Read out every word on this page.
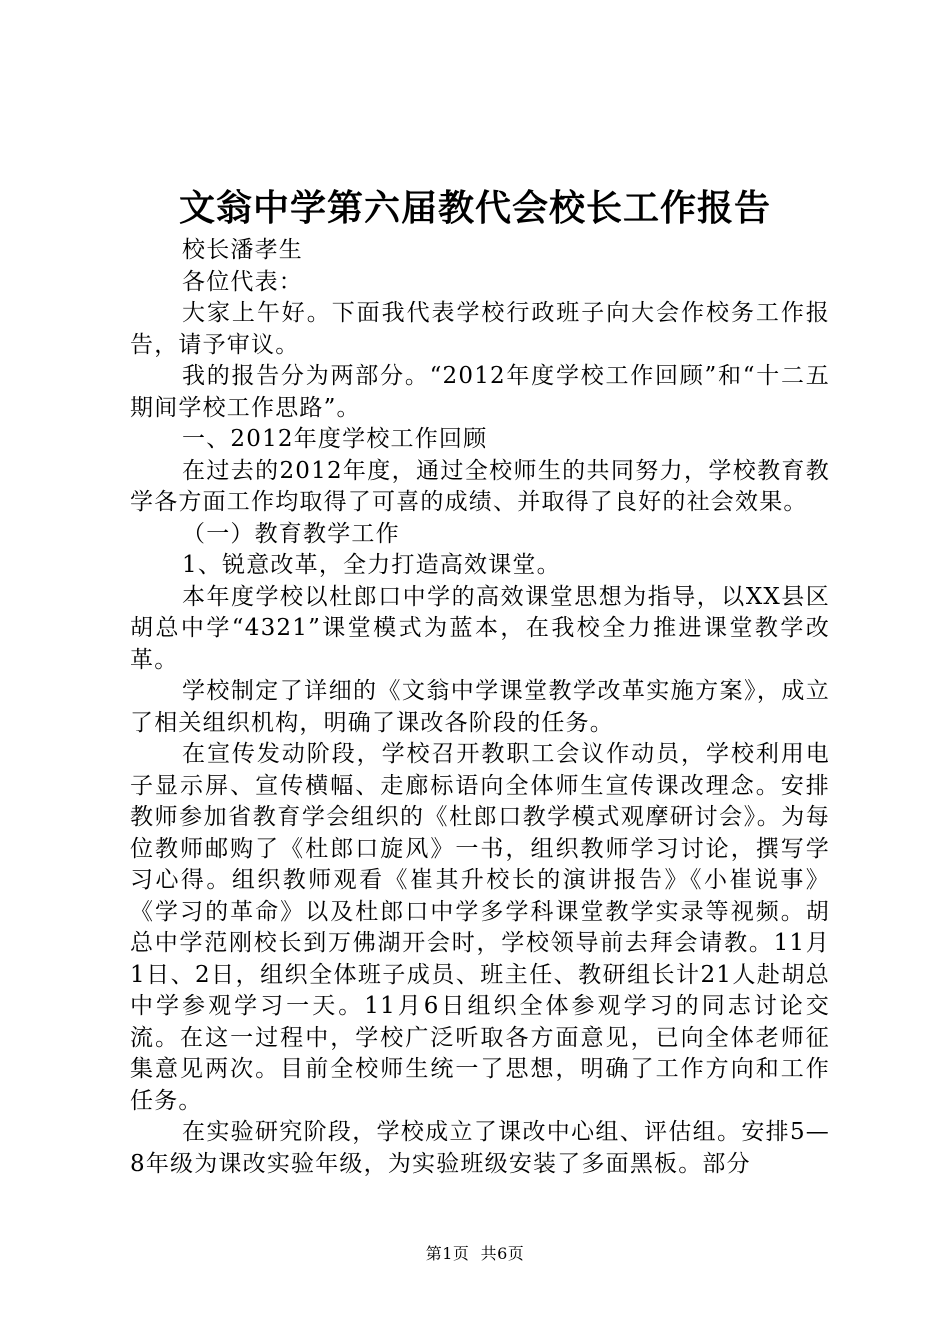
文翁中学第六届教代会校长工作报告

校长潘孝生

各位代表：

大家上午好。下面我代表学校行政班子向大会作校务工作报告，请予审议。

我的报告分为两部分。“2012年度学校工作回顾”和“十二五期间学校工作思路”。

一、2012年度学校工作回顾

在过去的2012年度，通过全校师生的共同努力，学校教育教学各方面工作均取得了可喜的成绩、并取得了良好的社会效果。

（一）教育教学工作

1、锐意改革，全力打造高效课堂。

本年度学校以杜郎口中学的高效课堂思想为指导，以XX县区胡总中学“4321”课堂模式为蓝本，在我校全力推进课堂教学改革。

学校制定了详细的《文翁中学课堂教学改革实施方案》，成立了相关组织机构，明确了课改各阶段的任务。

在宣传发动阶段，学校召开教职工会议作动员，学校利用电子显示屏、宣传横幅、走廊标语向全体师生宣传课改理念。安排教师参加省教育学会组织的《杜郎口教学模式观摩研讨会》。为每位教师邮购了《杜郎口旋风》一书，组织教师学习讨论，撰写学习心得。组织教师观看《崔其升校长的演讲报告》《小崔说事》《学习的革命》以及杜郎口中学多学科课堂教学实录等视频。胡总中学范刚校长到万佛湖开会时，学校领导前去拜会请教。11月1日、2日，组织全体班子成员、班主任、教研组长计21人赴胡总中学参观学习一天。11月6日组织全体参观学习的同志讨论交流。在这一过程中，学校广泛听取各方面意见，已向全体老师征集意见两次。目前全校师生统一了思想，明确了工作方向和工作任务。

在实验研究阶段，学校成立了课改中心组、评估组。安排5—8年级为课改实验年级，为实验班级安装了多面黑板。部分

第1页 共6页
